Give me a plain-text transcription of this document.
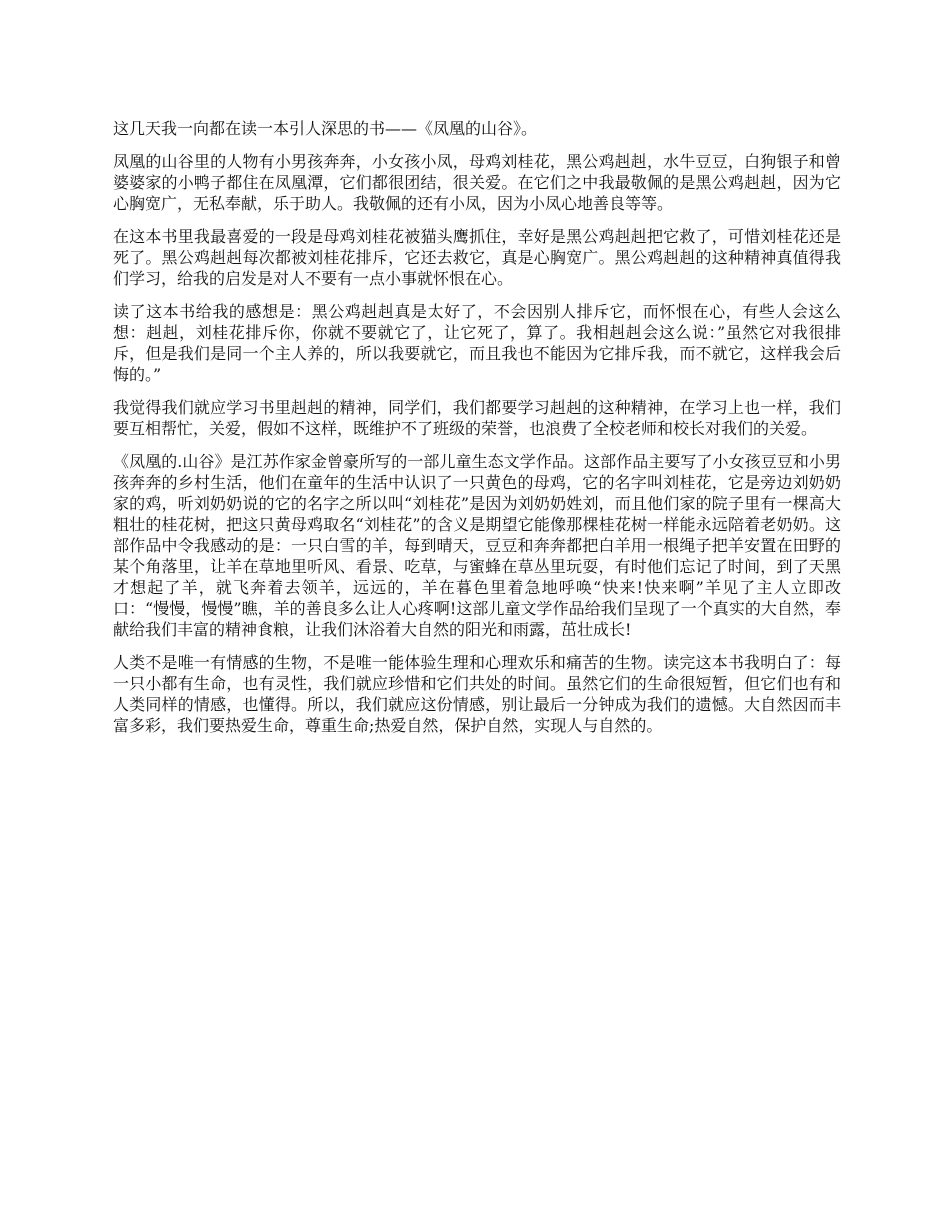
这几天我一向都在读一本引人深思的书——《凤凰的山谷》。

凤凰的山谷里的人物有小男孩奔奔，小女孩小凤，母鸡刘桂花，黑公鸡赳赳，水牛豆豆，白狗银子和曾婆婆家的小鸭子都住在凤凰潭，它们都很团结，很关爱。在它们之中我最敬佩的是黑公鸡赳赳，因为它心胸宽广，无私奉献，乐于助人。我敬佩的还有小凤，因为小凤心地善良等等。

在这本书里我最喜爱的一段是母鸡刘桂花被猫头鹰抓住，幸好是黑公鸡赳赳把它救了，可惜刘桂花还是死了。黑公鸡赳赳每次都被刘桂花排斥，它还去救它，真是心胸宽广。黑公鸡赳赳的这种精神真值得我们学习，给我的启发是对人不要有一点小事就怀恨在心。

读了这本书给我的感想是：黑公鸡赳赳真是太好了，不会因别人排斥它，而怀恨在心，有些人会这么想：赳赳，刘桂花排斥你，你就不要就它了，让它死了，算了。我相赳赳会这么说：”虽然它对我很排斥，但是我们是同一个主人养的，所以我要就它，而且我也不能因为它排斥我，而不就它，这样我会后悔的。”

我觉得我们就应学习书里赳赳的精神，同学们，我们都要学习赳赳的这种精神，在学习上也一样，我们要互相帮忙，关爱，假如不这样，既维护不了班级的荣誉，也浪费了全校老师和校长对我们的关爱。

《凤凰的.山谷》是江苏作家金曾豪所写的一部儿童生态文学作品。这部作品主要写了小女孩豆豆和小男孩奔奔的乡村生活，他们在童年的生活中认识了一只黄色的母鸡，它的名字叫刘桂花，它是旁边刘奶奶家的鸡，听刘奶奶说的它的名字之所以叫“刘桂花”是因为刘奶奶姓刘，而且他们家的院子里有一棵高大粗壮的桂花树，把这只黄母鸡取名“刘桂花”的含义是期望它能像那棵桂花树一样能永远陪着老奶奶。这部作品中令我感动的是：一只白雪的羊，每到晴天，豆豆和奔奔都把白羊用一根绳子把羊安置在田野的某个角落里，让羊在草地里听风、看景、吃草，与蜜蜂在草丛里玩耍，有时他们忘记了时间，到了天黑才想起了羊，就飞奔着去领羊，远远的，羊在暮色里着急地呼唤“快来!快来啊”羊见了主人立即改口：“慢慢，慢慢”瞧，羊的善良多么让人心疼啊!这部儿童文学作品给我们呈现了一个真实的大自然，奉献给我们丰富的精神食粮，让我们沐浴着大自然的阳光和雨露，茁壮成长!

人类不是唯一有情感的生物，不是唯一能体验生理和心理欢乐和痛苦的生物。读完这本书我明白了：每一只小都有生命，也有灵性，我们就应珍惜和它们共处的时间。虽然它们的生命很短暂，但它们也有和人类同样的情感，也懂得。所以，我们就应这份情感，别让最后一分钟成为我们的遗憾。大自然因而丰富多彩，我们要热爱生命，尊重生命;热爱自然，保护自然，实现人与自然的。
